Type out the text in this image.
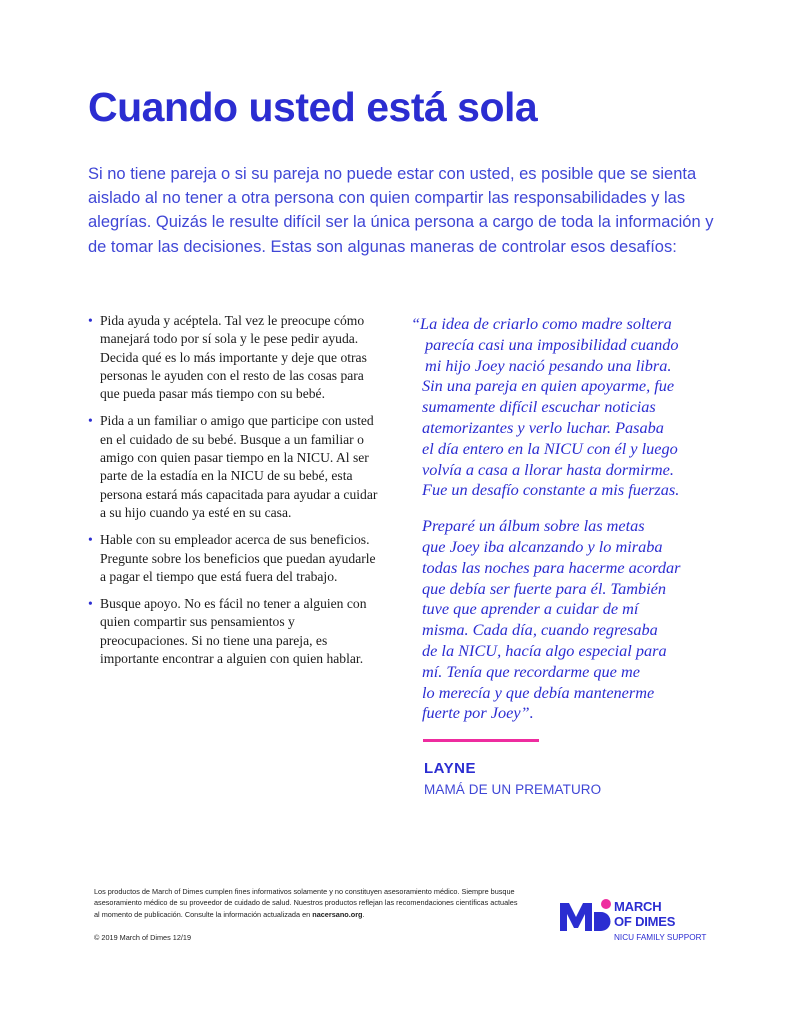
Cuando usted está sola

Si no tiene pareja o si su pareja no puede estar con usted, es posible que se sienta aislado al no tener a otra persona con quien compartir las responsabilidades y las alegrías. Quizás le resulte difícil ser la única persona a cargo de toda la información y de tomar las decisiones. Estas son algunas maneras de controlar esos desafíos:

• Pida ayuda y acéptela. Tal vez le preocupe cómo manejará todo por sí sola y le pese pedir ayuda. Decida qué es lo más importante y deje que otras personas le ayuden con el resto de las cosas para que pueda pasar más tiempo con su bebé.
• Pida a un familiar o amigo que participe con usted en el cuidado de su bebé. Busque a un familiar o amigo con quien pasar tiempo en la NICU. Al ser parte de la estadía en la NICU de su bebé, esta persona estará más capacitada para ayudar a cuidar a su hijo cuando ya esté en su casa.
• Hable con su empleador acerca de sus beneficios. Pregunte sobre los beneficios que puedan ayudarle a pagar el tiempo que está fuera del trabajo.
• Busque apoyo. No es fácil no tener a alguien con quien compartir sus pensamientos y preocupaciones. Si no tiene una pareja, es importante encontrar a alguien con quien hablar.

“La idea de criarlo como madre soltera
parecía casi una imposibilidad cuando
mi hijo Joey nació pesando una libra.
Sin una pareja en quien apoyarme, fue
sumamente difícil escuchar noticias
atemorizantes y verlo luchar. Pasaba
el día entero en la NICU con él y luego
volvía a casa a llorar hasta dormirme.
Fue un desafío constante a mis fuerzas.

Preparé un álbum sobre las metas
que Joey iba alcanzando y lo miraba
todas las noches para hacerme acordar
que debía ser fuerte para él. También
tuve que aprender a cuidar de mí
misma. Cada día, cuando regresaba
de la NICU, hacía algo especial para
mí. Tenía que recordarme que me
lo merecía y que debía mantenerme
fuerte por Joey”.

LAYNE
MAMÁ DE UN PREMATURO

Los productos de March of Dimes cumplen fines informativos solamente y no constituyen asesoramiento médico. Siempre busque asesoramiento médico de su proveedor de cuidado de salud. Nuestros productos reflejan las recomendaciones científicas actuales al momento de publicación. Consulte la información actualizada en nacersano.org.

© 2019 March of Dimes 12/19
MARCH
OF DIMES
NICU FAMILY SUPPORT
